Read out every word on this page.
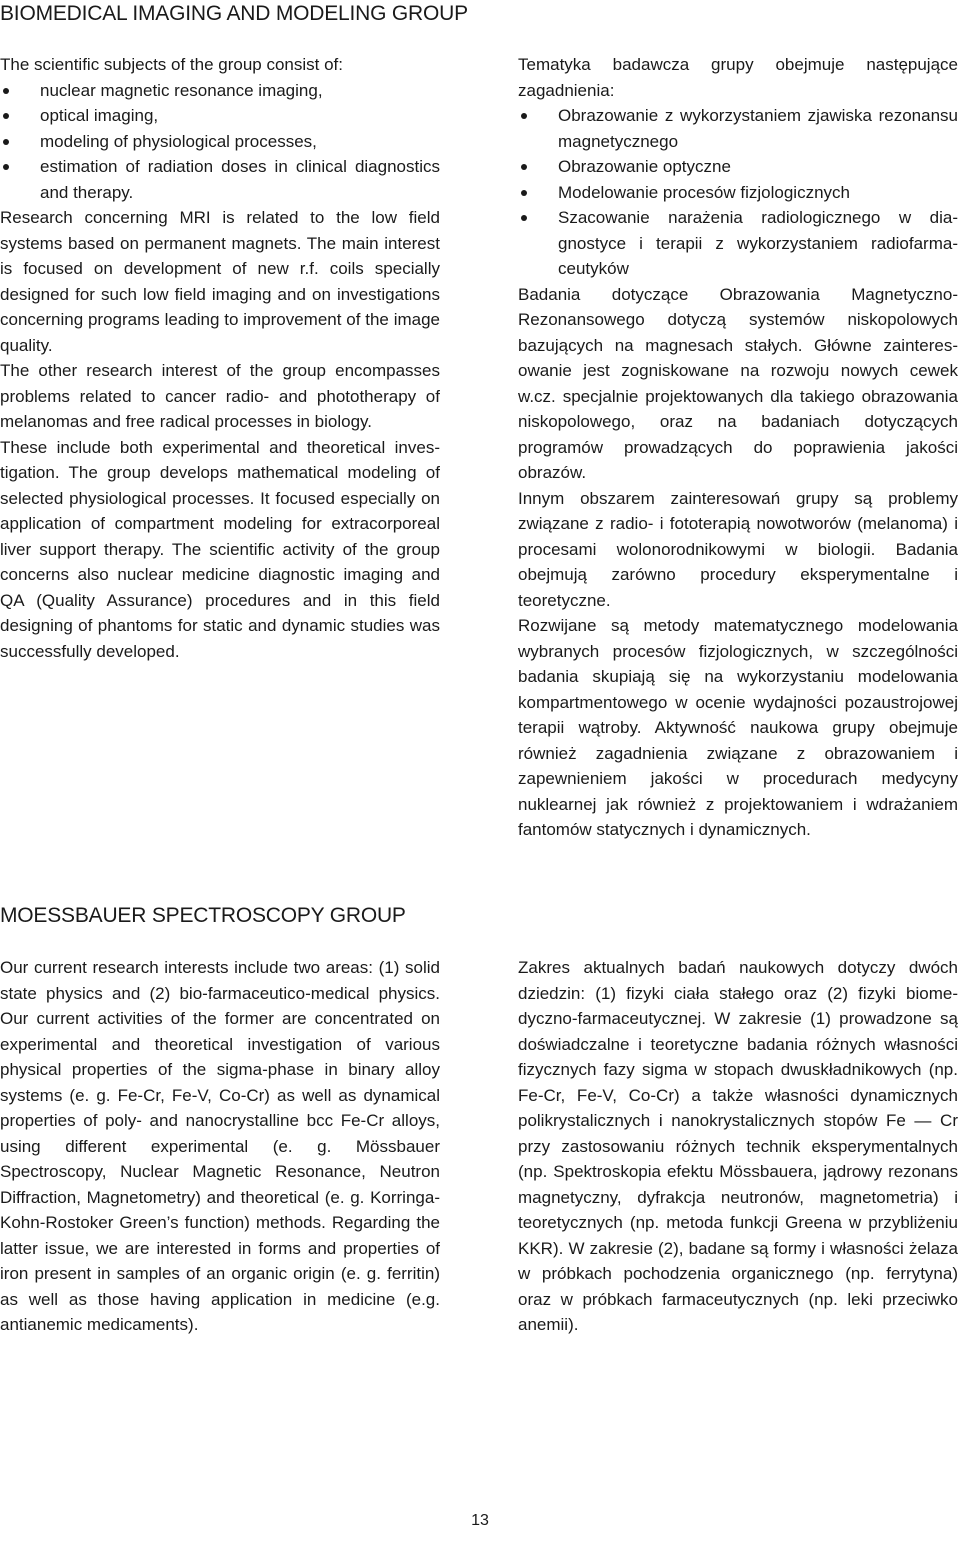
BIOMEDICAL IMAGING AND MODELING GROUP

The scientific subjects of the group consist of:

nuclear magnetic resonance imaging,
optical imaging,
modeling of physiological processes,
estimation of radiation doses in clinical diagnostics and therapy.

Research concerning MRI is related to the low field systems based on permanent magnets. The main interest is focused on development of new r.f. coils specially designed for such low field imaging and on investigations concerning programs leading to improvement of the image quality.

The other research interest of the group encompasses problems related to cancer radio- and phototherapy of melanomas and free radical processes in biology.

These include both experimental and theoretical investigation. The group develops mathematical modeling of selected physiological processes. It focused especially on application of compartment modeling for extracorporeal liver support therapy. The scientific activity of the group concerns also nuclear medicine diagnostic imaging and QA (Quality Assurance) procedures and in this field designing of phantoms for static and dynamic studies was successfully developed.

Tematyka badawcza grupy obejmuje następujące zagadnienia:

Obrazowanie z wykorzystaniem zjawiska rezonansu magnetycznego
Obrazowanie optyczne
Modelowanie procesów fizjologicznych
Szacowanie narażenia radiologicznego w diagnostyce i terapii z wykorzystaniem radiofarmaceutyków

Badania dotyczące Obrazowania Magnetyczno-Rezonansowego dotyczą systemów niskopolowych bazujących na magnesach stałych. Główne zainteresowanie jest zogniskowane na rozwoju nowych cewek w.cz. specjalnie projektowanych dla takiego obrazowania niskopolowego, oraz na badaniach dotyczących programów prowadzących do poprawienia jakości obrazów.

Innym obszarem zainteresowań grupy są problemy związane z radio- i fototerapią nowotworów (melanoma) i procesami wolonorodnikowymi w biologii. Badania obejmują zarówno procedury eksperymentalne i teoretyczne.

Rozwijane są metody matematycznego modelowania wybranych procesów fizjologicznych, w szczególności badania skupiają się na wykorzystaniu modelowania kompartmentowego w ocenie wydajności pozaustrojowej terapii wątroby. Aktywność naukowa grupy obejmuje również zagadnienia związane z obrazowaniem i zapewnieniem jakości w procedurach medycyny nuklearnej jak również z projektowaniem i wdrażaniem fantomów statycznych i dynamicznych.

MOESSBAUER SPECTROSCOPY GROUP

Our current research interests include two areas: (1) solid state physics and (2) bio-farmaceutico-medical physics. Our current activities of the former are concentrated on experimental and theoretical investigation of various physical properties of the sigma-phase in binary alloy systems (e. g. Fe-Cr, Fe-V, Co-Cr) as well as dynamical properties of poly- and nanocrystalline bcc Fe-Cr alloys, using different experimental (e. g. Mössbauer Spectroscopy, Nuclear Magnetic Resonance, Neutron Diffraction, Magnetometry) and theoretical (e. g. Korringa-Kohn-Rostoker Green’s function) methods. Regarding the latter issue, we are interested in forms and properties of iron present in samples of an organic origin (e. g. ferritin) as well as those having application in medicine (e.g. antianemic medicaments).

Zakres aktualnych badań naukowych dotyczy dwóch dziedzin: (1) fizyki ciała stałego oraz (2) fizyki biomedyczno-farmaceutycznej. W zakresie (1) prowadzone są doświadczalne i teoretyczne badania różnych własności fizycznych fazy sigma w stopach dwuskładnikowych (np. Fe-Cr, Fe-V, Co-Cr) a także własności dynamicznych polikrystalicznych i nanokrystalicznych stopów Fe — Cr przy zastosowaniu różnych technik eksperymentalnych (np. Spektroskopia efektu Mössbauera, jądrowy rezonans magnetyczny, dyfrakcja neutronów, magnetometria) i teoretycznych (np. metoda funkcji Greena w przybliżeniu KKR). W zakresie (2), badane są formy i własności żelaza w próbkach pochodzenia organicznego (np. ferrytyna) oraz w próbkach farmaceutycznych (np. leki przeciwko anemii).

13
